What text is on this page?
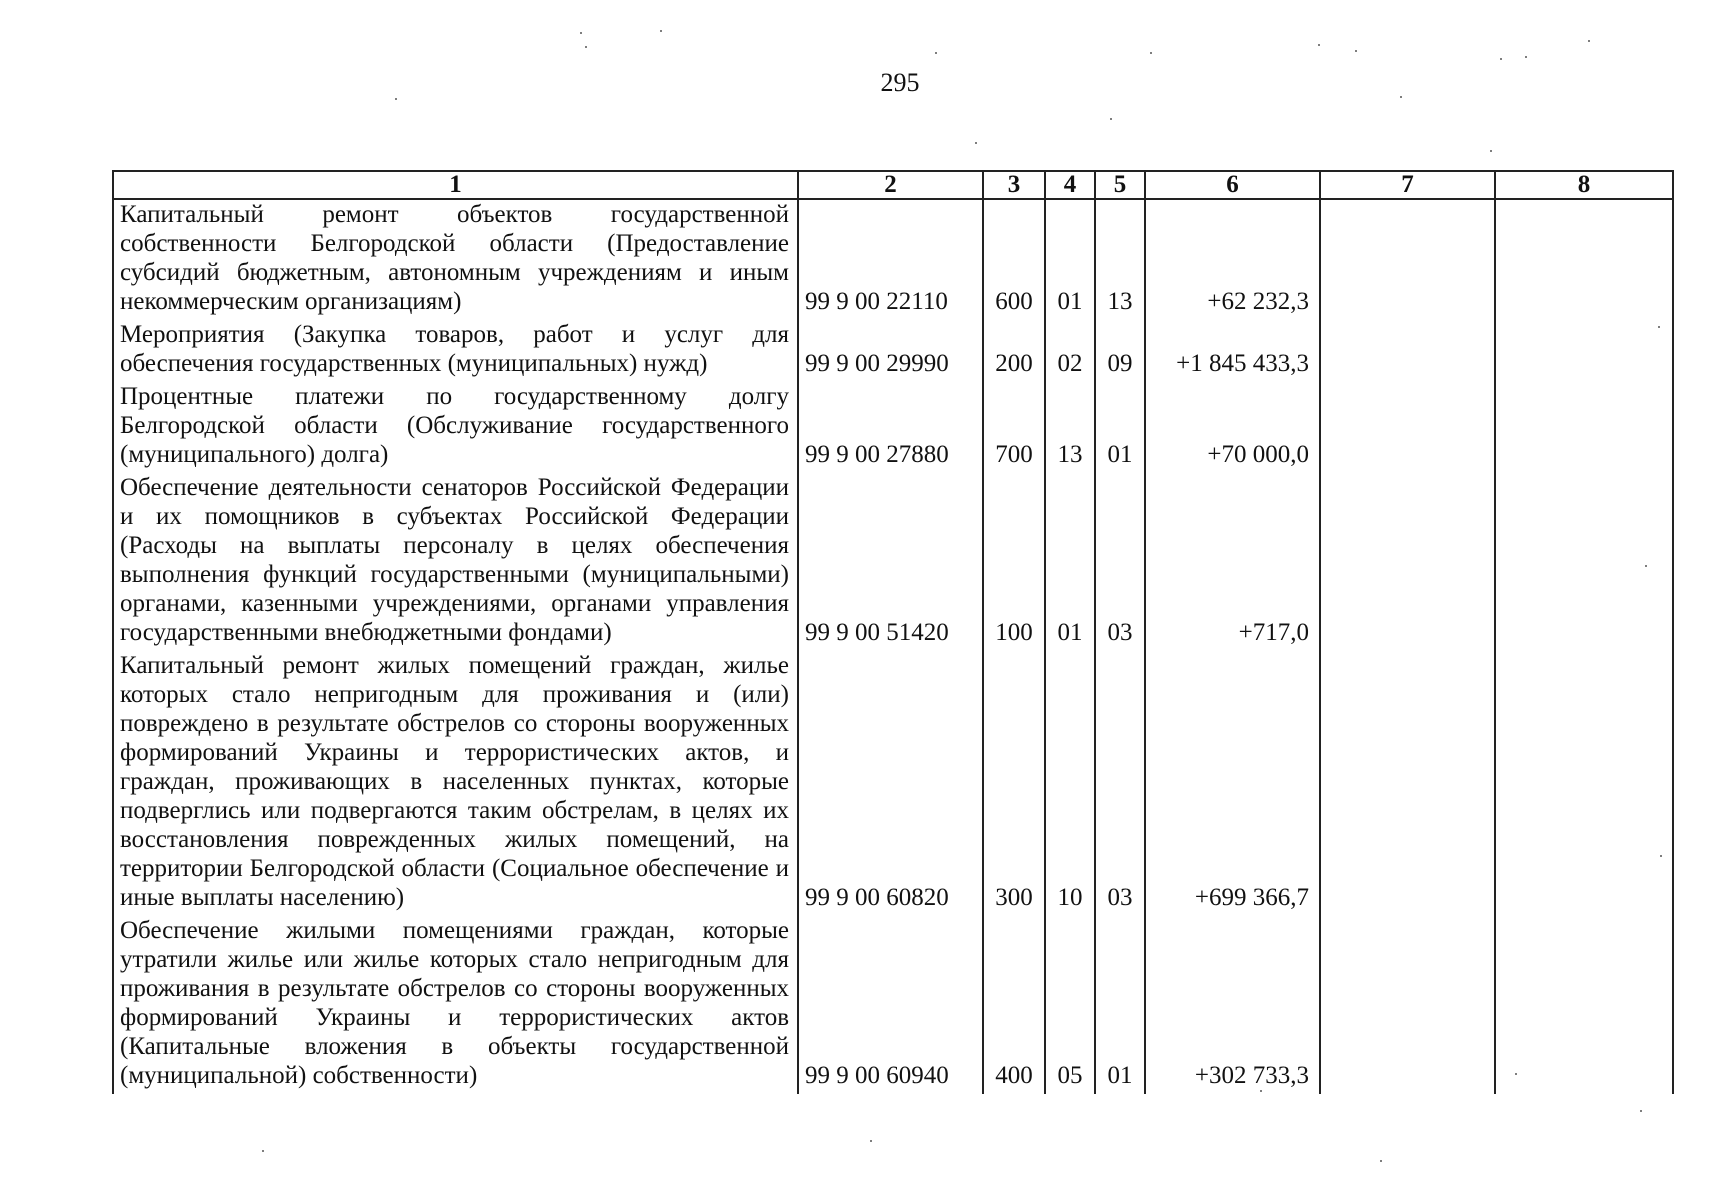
295
1	2	3	4	5	6	7	8
Капитальный ремонт объектов государственной собственности Белгородской области (Предоставление субсидий бюджетным, автономным учреждениям и иным некоммерческим организациям)	99 9 00 22110	600	01	13	+62 232,3		
Мероприятия (Закупка товаров, работ и услуг для обеспечения государственных (муниципальных) нужд)	99 9 00 29990	200	02	09	+1 845 433,3		
Процентные платежи по государственному долгу Белгородской области (Обслуживание государственного (муниципального) долга)	99 9 00 27880	700	13	01	+70 000,0		
Обеспечение деятельности сенаторов Российской Федерации и их помощников в субъектах Российской Федерации (Расходы на выплаты персоналу в целях обеспечения выполнения функций государственными (муниципальными) органами, казенными учреждениями, органами управления государственными внебюджетными фондами)	99 9 00 51420	100	01	03	+717,0		
Капитальный ремонт жилых помещений граждан, жилье которых стало непригодным для проживания и (или) повреждено в результате обстрелов со стороны вооруженных формирований Украины и террористических актов, и граждан, проживающих в населенных пунктах, которые подверглись или подвергаются таким обстрелам, в целях их восстановления поврежденных жилых помещений, на территории Белгородской области (Социальное обеспечение и иные выплаты населению)	99 9 00 60820	300	10	03	+699 366,7		
Обеспечение жилыми помещениями граждан, которые утратили жилье или жилье которых стало непригодным для проживания в результате обстрелов со стороны вооруженных формирований Украины и террористических актов (Капитальные вложения в объекты государственной (муниципальной) собственности)	99 9 00 60940	400	05	01	+302 733,3		
